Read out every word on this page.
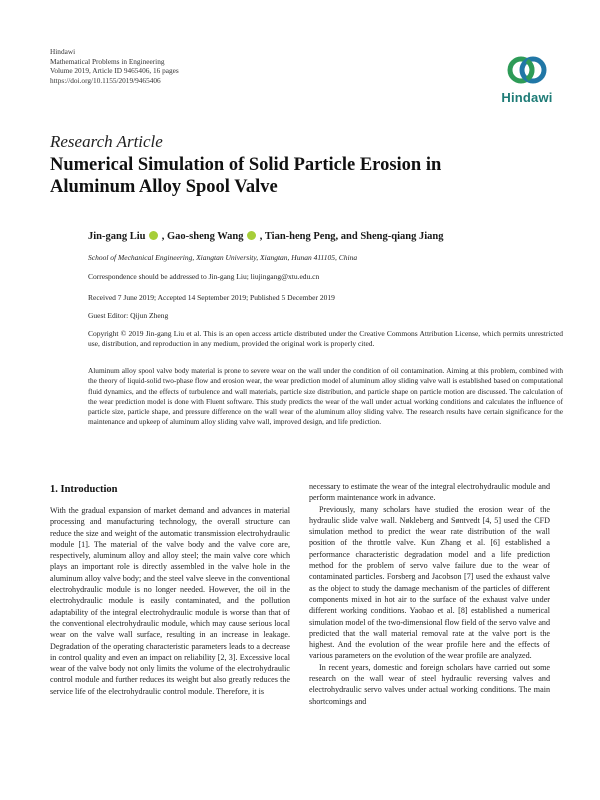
Hindawi
Mathematical Problems in Engineering
Volume 2019, Article ID 9465406, 16 pages
https://doi.org/10.1155/2019/9465406
Hindawi
Research Article
Numerical Simulation of Solid Particle Erosion in Aluminum Alloy Spool Valve
Jin-gang Liu , Gao-sheng Wang , Tian-heng Peng, and Sheng-qiang Jiang
School of Mechanical Engineering, Xiangtan University, Xiangtan, Hunan 411105, China
Correspondence should be addressed to Jin-gang Liu; liujingang@xtu.edu.cn
Received 7 June 2019; Accepted 14 September 2019; Published 5 December 2019
Guest Editor: Qijun Zheng
Copyright © 2019 Jin-gang Liu et al. This is an open access article distributed under the Creative Commons Attribution License, which permits unrestricted use, distribution, and reproduction in any medium, provided the original work is properly cited.
Aluminum alloy spool valve body material is prone to severe wear on the wall under the condition of oil contamination. Aiming at this problem, combined with the theory of liquid-solid two-phase flow and erosion wear, the wear prediction model of aluminum alloy sliding valve wall is established based on computational fluid dynamics, and the effects of turbulence and wall materials, particle size distribution, and particle shape on particle motion are discussed. The calculation of the wear prediction model is done with Fluent software. This study predicts the wear of the wall under actual working conditions and calculates the influence of particle size, particle shape, and pressure difference on the wall wear of the aluminum alloy sliding valve. The research results have certain significance for the maintenance and upkeep of aluminum alloy sliding valve wall, improved design, and life prediction.
1. Introduction

With the gradual expansion of market demand and advances in material processing and manufacturing technology, the overall structure can reduce the size and weight of the automatic transmission electrohydraulic module [1]. The material of the valve body and the valve core are, respectively, aluminum alloy and alloy steel; the main valve core which plays an important role is directly assembled in the valve hole in the aluminum alloy valve body; and the steel valve sleeve in the conventional electrohydraulic module is no longer needed. However, the oil in the electrohydraulic module is easily contaminated, and the pollution adaptability of the integral electrohydraulic module is worse than that of the conventional electrohydraulic module, which may cause serious local wear on the valve wall surface, resulting in an increase in leakage. Degradation of the operating characteristic parameters leads to a decrease in control quality and even an impact on reliability [2, 3]. Excessive local wear of the valve body not only limits the volume of the electrohydraulic control module and further reduces its weight but also greatly reduces the service life of the electrohydraulic control module. Therefore, it is

necessary to estimate the wear of the integral electrohydraulic module and perform maintenance work in advance.

Previously, many scholars have studied the erosion wear of the hydraulic slide valve wall. Nøkleberg and Søntvedt [4, 5] used the CFD simulation method to predict the wear rate distribution of the wall position of the throttle valve. Kun Zhang et al. [6] established a performance characteristic degradation model and a life prediction method for the problem of servo valve failure due to the wear of contaminated particles. Forsberg and Jacobson [7] used the exhaust valve as the object to study the damage mechanism of the particles of different components mixed in hot air to the surface of the exhaust valve under different working conditions. Yaobao et al. [8] established a numerical simulation model of the two-dimensional flow field of the servo valve and predicted that the wall material removal rate at the valve port is the highest. And the evolution of the wear profile here and the effects of various parameters on the evolution of the wear profile are analyzed.

In recent years, domestic and foreign scholars have carried out some research on the wall wear of steel hydraulic reversing valves and electrohydraulic servo valves under actual working conditions. The main shortcomings and
